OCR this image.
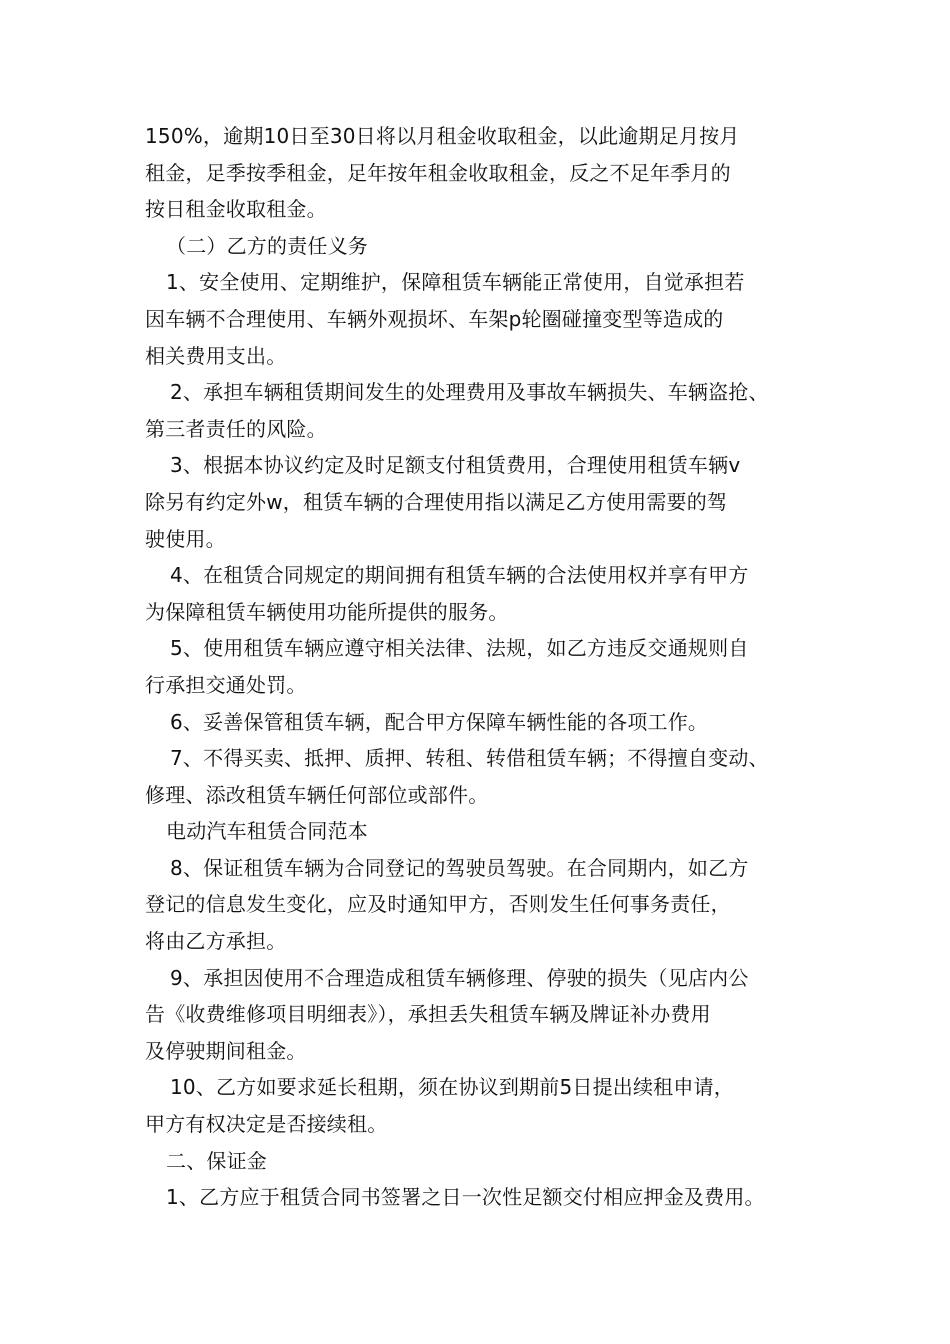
150%，逾期10日至30日将以月租金收取租金，以此逾期足月按月
租金，足季按季租金，足年按年租金收取租金，反之不足年季月的
按日租金收取租金。
（二）乙方的责任义务
1、安全使用、定期维护，保障租赁车辆能正常使用，自觉承担若
因车辆不合理使用、车辆外观损坏、车架p轮圈碰撞变型等造成的
相关费用支出。
2、承担车辆租赁期间发生的处理费用及事故车辆损失、车辆盗抢、
第三者责任的风险。
3、根据本协议约定及时足额支付租赁费用，合理使用租赁车辆v
除另有约定外w，租赁车辆的合理使用指以满足乙方使用需要的驾
驶使用。
4、在租赁合同规定的期间拥有租赁车辆的合法使用权并享有甲方
为保障租赁车辆使用功能所提供的服务。
5、使用租赁车辆应遵守相关法律、法规，如乙方违反交通规则自
行承担交通处罚。
6、妥善保管租赁车辆，配合甲方保障车辆性能的各项工作。
7、不得买卖、抵押、质押、转租、转借租赁车辆；不得擅自变动、
修理、添改租赁车辆任何部位或部件。
电动汽车租赁合同范本
8、保证租赁车辆为合同登记的驾驶员驾驶。在合同期内，如乙方
登记的信息发生变化，应及时通知甲方，否则发生任何事务责任，
将由乙方承担。
9、承担因使用不合理造成租赁车辆修理、停驶的损失（见店内公
告《收费维修项目明细表》），承担丢失租赁车辆及牌证补办费用
及停驶期间租金。
10、乙方如要求延长租期，须在协议到期前5日提出续租申请，
甲方有权决定是否接续租。
二、保证金
1、乙方应于租赁合同书签署之日一次性足额交付相应押金及费用。
